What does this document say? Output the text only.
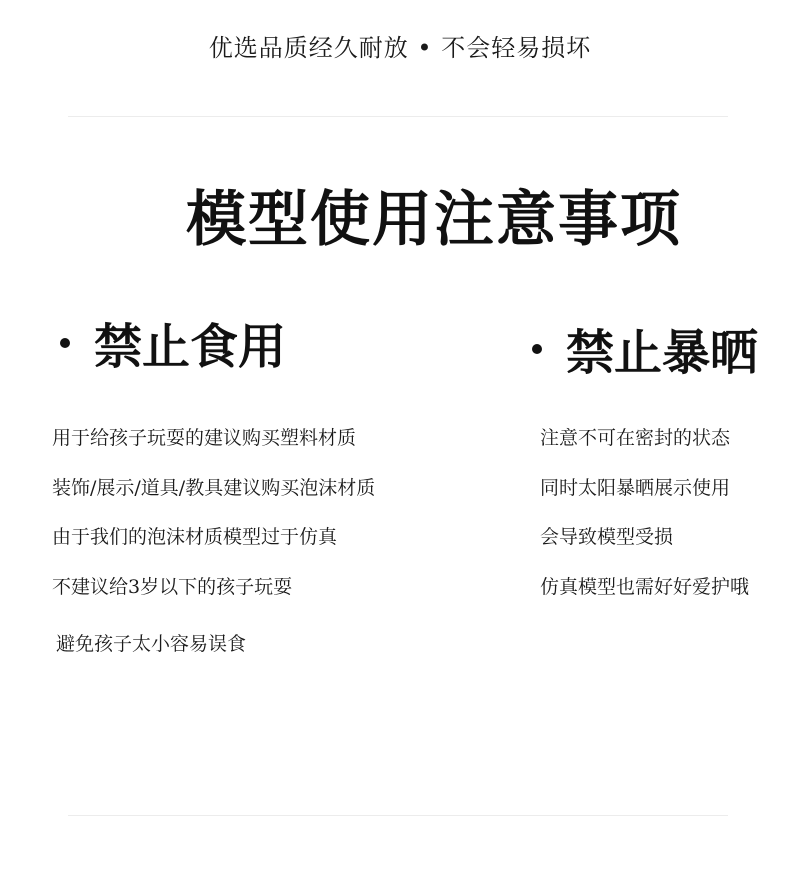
优选品质经久耐放 • 不会轻易损坏
模型使用注意事项
禁止食用	禁止暴晒
用于给孩子玩耍的建议购买塑料材质
装饰/展示/道具/教具建议购买泡沫材质
由于我们的泡沫材质模型过于仿真
不建议给3岁以下的孩子玩耍
避免孩子太小容易误食
注意不可在密封的状态
同时太阳暴晒展示使用
会导致模型受损
仿真模型也需好好爱护哦
